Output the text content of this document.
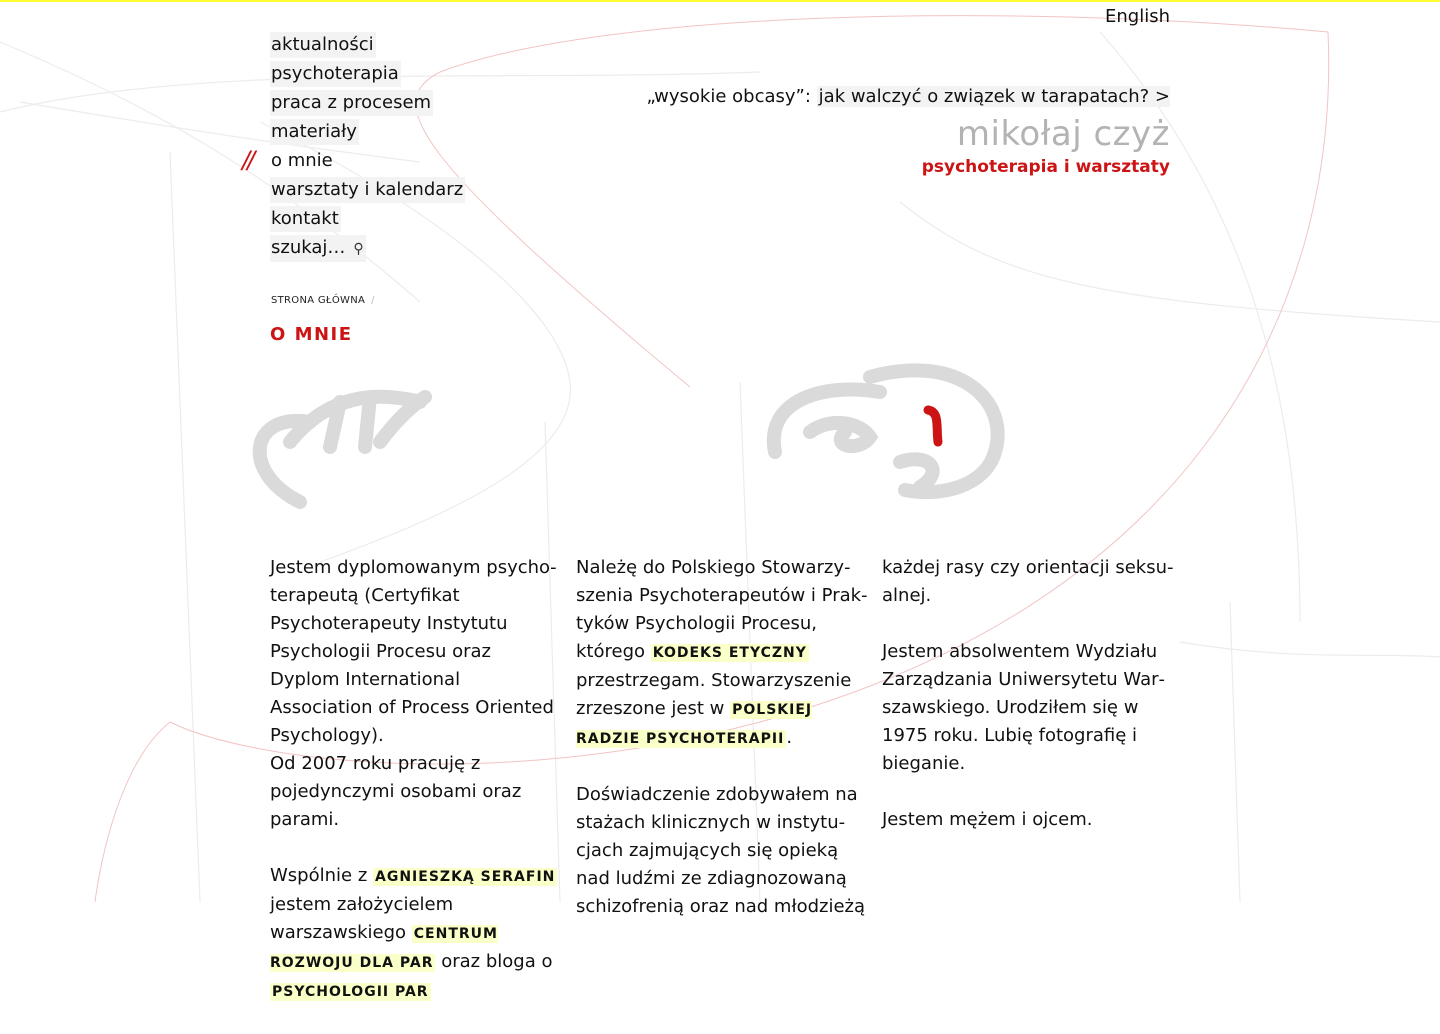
English
//
aktualności
psychoterapia
praca z procesem
materiały
o mnie
warsztaty i kalendarz
kontakt
szukaj… ⚲
STRONA GŁÓWNA /
O MNIE
„wysokie obcasy”: jak walczyć o związek w tarapatach? >
mikołaj czyż
psychoterapia i warsztaty

Jestem dyplomowanym psychoterapeutą (Certyfikat Psychoterapeuty Instytutu Psychologii Procesu oraz Dyplom International Association of Process Oriented Psychology).

Od 2007 roku pracuję z pojedynczymi osobami oraz parami.

Wspólnie z AGNIESZKĄ SERAFIN jestem założycielem warszawskiego CENTRUM ROZWOJU DLA PAR oraz bloga o PSYCHOLOGII PAR

Należę do Polskiego Stowarzyszenia Psychoterapeutów i Praktyków Psychologii Procesu, którego KODEKS ETYCZNY przestrzegam. Stowarzyszenie zrzeszone jest w POLSKIEJ RADZIE PSYCHOTERAPII .

Doświadczenie zdobywałem na stażach klinicznych w instytucjach zajmujących się opieką nad ludźmi ze zdiagnozowaną schizofrenią oraz nad młodzieżą

każdej rasy czy orientacji seksualnej.

Jestem absolwentem Wydziału Zarządzania Uniwersytetu Warszawskiego. Urodziłem się w 1975 roku. Lubię fotografię i bieganie.

Jestem mężem i ojcem.
